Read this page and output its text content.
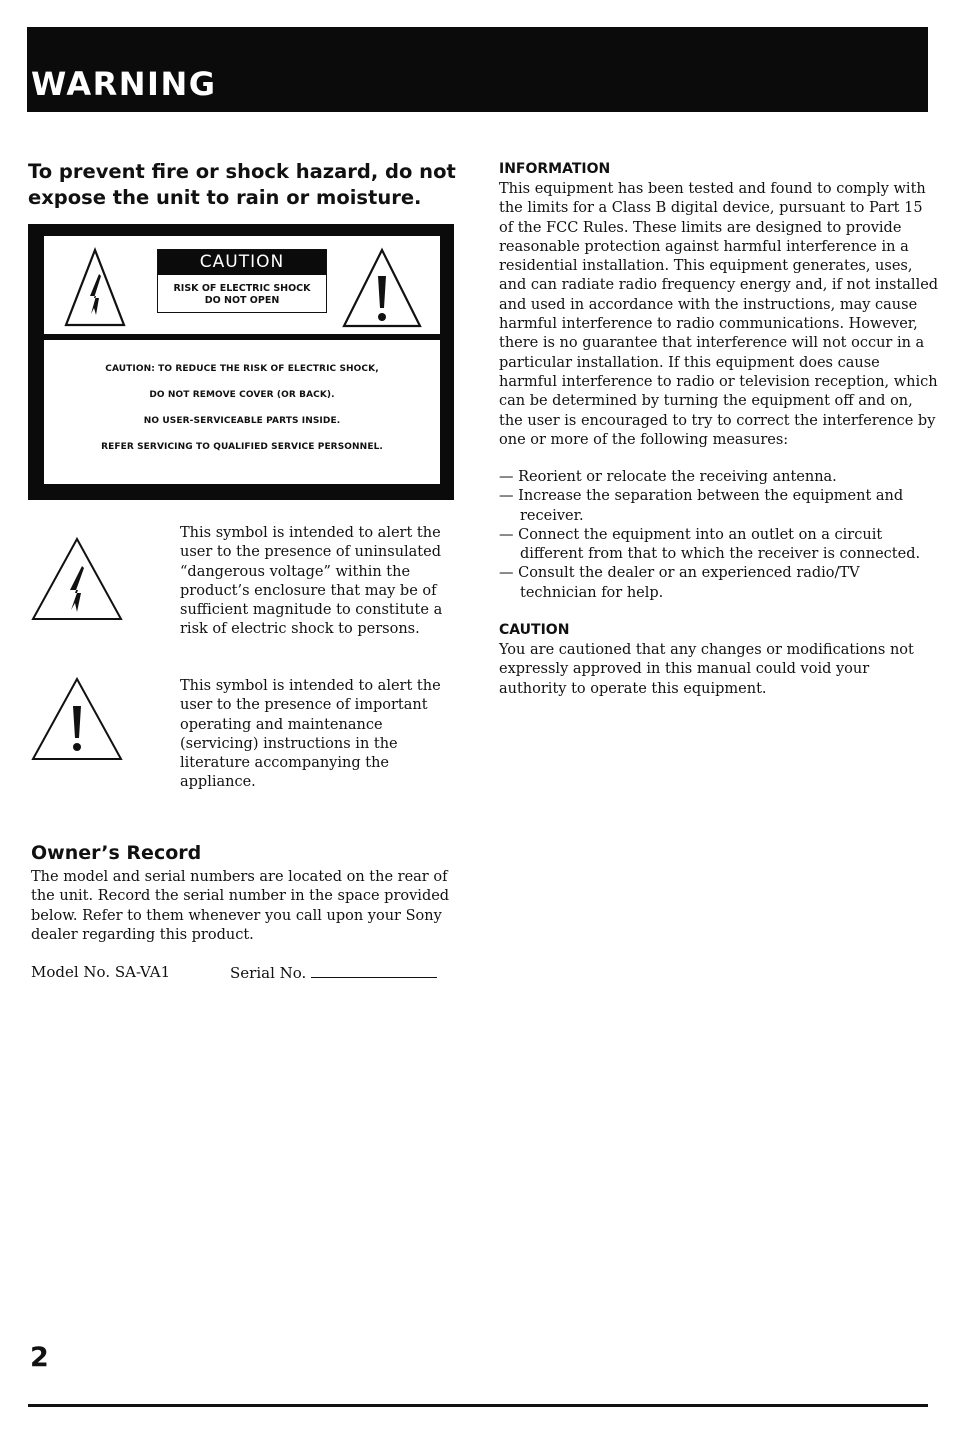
WARNING
To prevent fire or shock hazard, do not expose the unit to rain or moisture.
CAUTION
RISK OF ELECTRIC SHOCK
DO NOT OPEN
CAUTION: TO REDUCE THE RISK OF ELECTRIC SHOCK,
DO NOT REMOVE COVER (OR BACK).
NO USER-SERVICEABLE PARTS INSIDE.
REFER SERVICING TO QUALIFIED SERVICE PERSONNEL.
This symbol is intended to alert the user to the presence of uninsulated “dangerous voltage” within the product’s enclosure that may be of sufficient magnitude to constitute a risk of electric shock to persons.
This symbol is intended to alert the user to the presence of important operating and maintenance (servicing) instructions in the literature accompanying the appliance.
Owner’s Record
The model and serial numbers are located on the rear of the unit. Record the serial number in the space provided below. Refer to them whenever you call upon your Sony dealer regarding this product.
Model No. SA-VA1	Serial No.
INFORMATION
This equipment has been tested and found to comply with the limits for a Class B digital device, pursuant to Part 15 of the FCC Rules. These limits are designed to provide reasonable protection against harmful interference in a residential installation. This equipment generates, uses, and can radiate radio frequency energy and, if not installed and used in accordance with the instructions, may cause harmful interference to radio communications. However, there is no guarantee that interference will not occur in a particular installation. If this equipment does cause harmful interference to radio or television reception, which can be determined by turning the equipment off and on, the user is encouraged to try to correct the interference by one or more of the following measures:
— Reorient or relocate the receiving antenna.
— Increase the separation between the equipment and receiver.
— Connect the equipment into an outlet on a circuit different from that to which the receiver is connected.
— Consult the dealer or an experienced radio/TV technician for help.
CAUTION
You are cautioned that any changes or modifications not expressly approved in this manual could void your authority to operate this equipment.
2
